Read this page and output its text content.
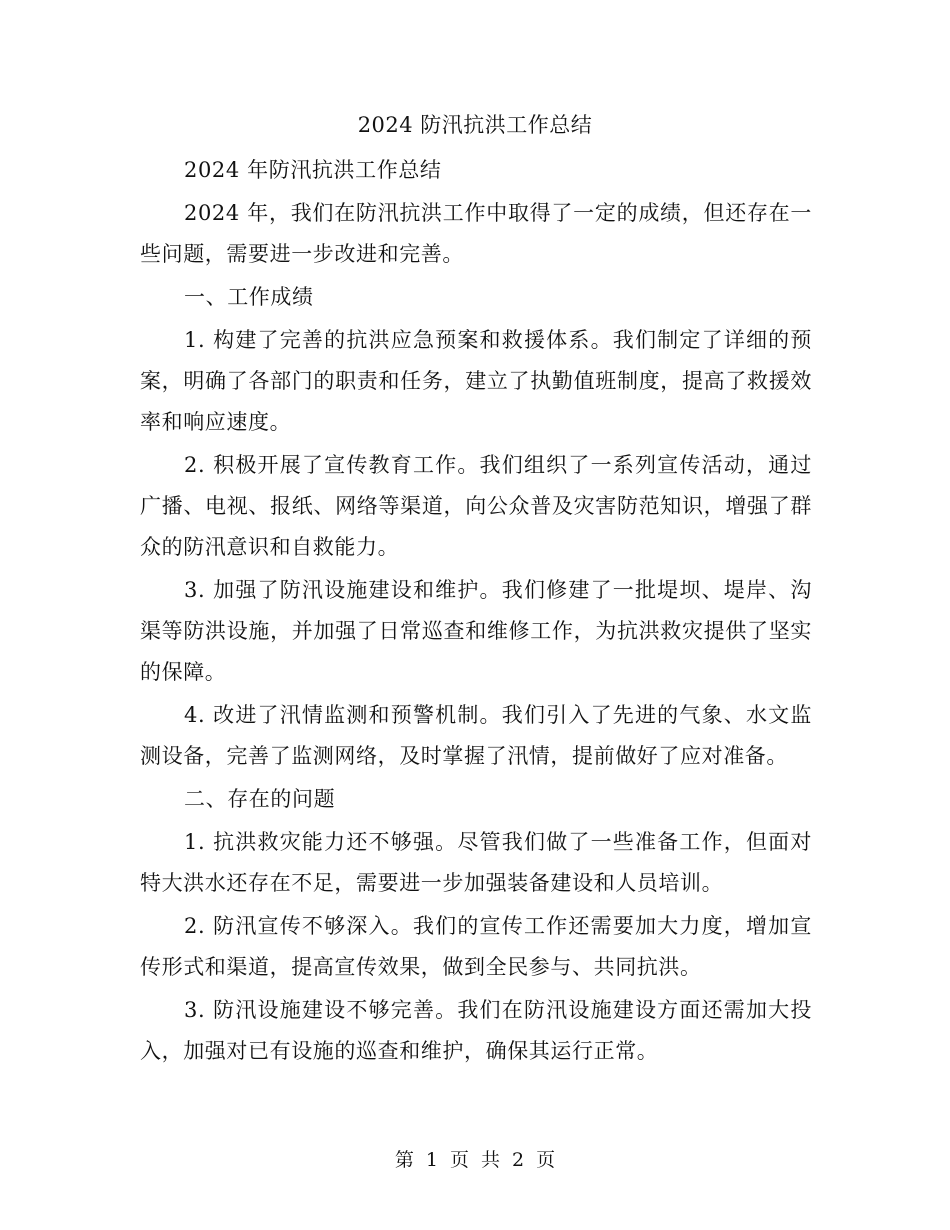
2024 防汛抗洪工作总结

2024 年防汛抗洪工作总结

2024 年，我们在防汛抗洪工作中取得了一定的成绩，但还存在一些问题，需要进一步改进和完善。

一、工作成绩

1. 构建了完善的抗洪应急预案和救援体系。我们制定了详细的预案，明确了各部门的职责和任务，建立了执勤值班制度，提高了救援效率和响应速度。

2. 积极开展了宣传教育工作。我们组织了一系列宣传活动，通过广播、电视、报纸、网络等渠道，向公众普及灾害防范知识，增强了群众的防汛意识和自救能力。

3. 加强了防汛设施建设和维护。我们修建了一批堤坝、堤岸、沟渠等防洪设施，并加强了日常巡查和维修工作，为抗洪救灾提供了坚实的保障。

4. 改进了汛情监测和预警机制。我们引入了先进的气象、水文监测设备，完善了监测网络，及时掌握了汛情，提前做好了应对准备。

二、存在的问题

1. 抗洪救灾能力还不够强。尽管我们做了一些准备工作，但面对特大洪水还存在不足，需要进一步加强装备建设和人员培训。

2. 防汛宣传不够深入。我们的宣传工作还需要加大力度，增加宣传形式和渠道，提高宣传效果，做到全民参与、共同抗洪。

3. 防汛设施建设不够完善。我们在防汛设施建设方面还需加大投入，加强对已有设施的巡查和维护，确保其运行正常。

第 1 页 共 2 页
